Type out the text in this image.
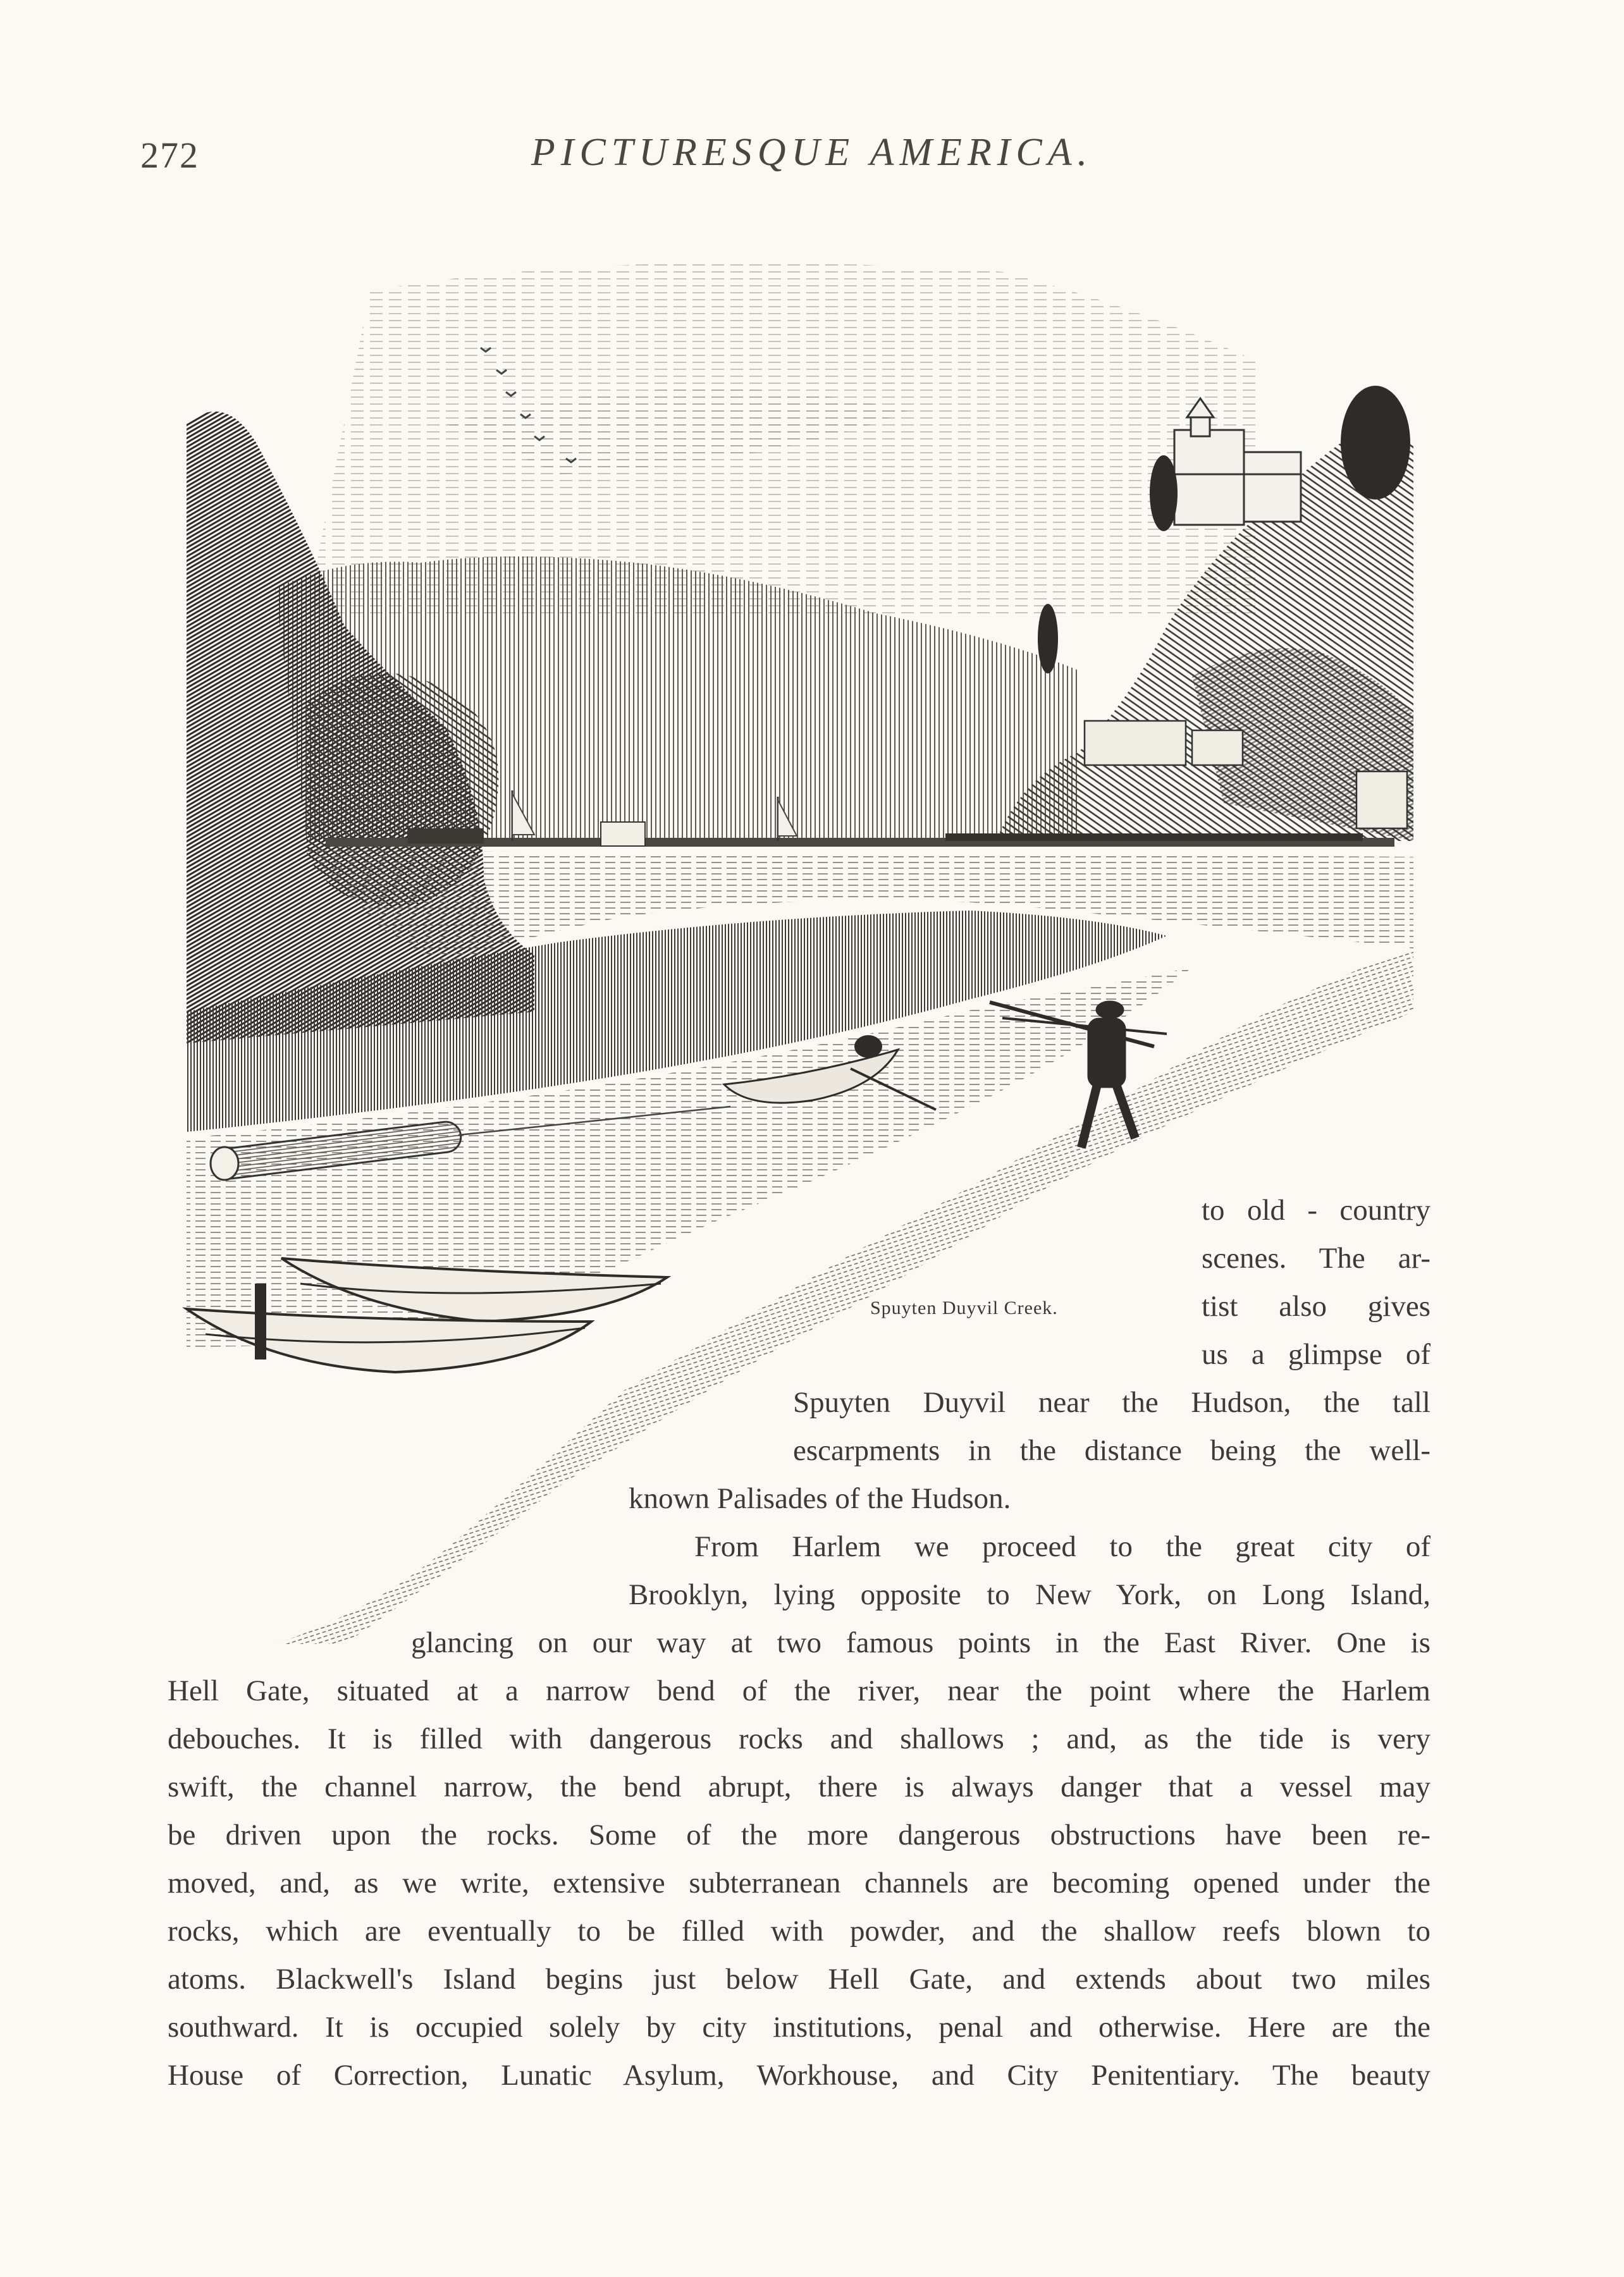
272	PICTURESQUE AMERICA.
Spuyten Duyvil Creek.
to old - country
scenes. The ar-
tist also gives
us a glimpse of
Spuyten Duyvil near the Hudson, the tall
escarpments in the distance being the well-
known Palisades of the Hudson.
From Harlem we proceed to the great city of
Brooklyn, lying opposite to New York, on Long Island,
glancing on our way at two famous points in the East River. One is
Hell Gate, situated at a narrow bend of the river, near the point where the Harlem
debouches. It is filled with dangerous rocks and shallows ; and, as the tide is very
swift, the channel narrow, the bend abrupt, there is always danger that a vessel may
be driven upon the rocks. Some of the more dangerous obstructions have been re-
moved, and, as we write, extensive subterranean channels are becoming opened under the
rocks, which are eventually to be filled with powder, and the shallow reefs blown to
atoms. Blackwell's Island begins just below Hell Gate, and extends about two miles
southward. It is occupied solely by city institutions, penal and otherwise. Here are the
House of Correction, Lunatic Asylum, Workhouse, and City Penitentiary. The beauty
